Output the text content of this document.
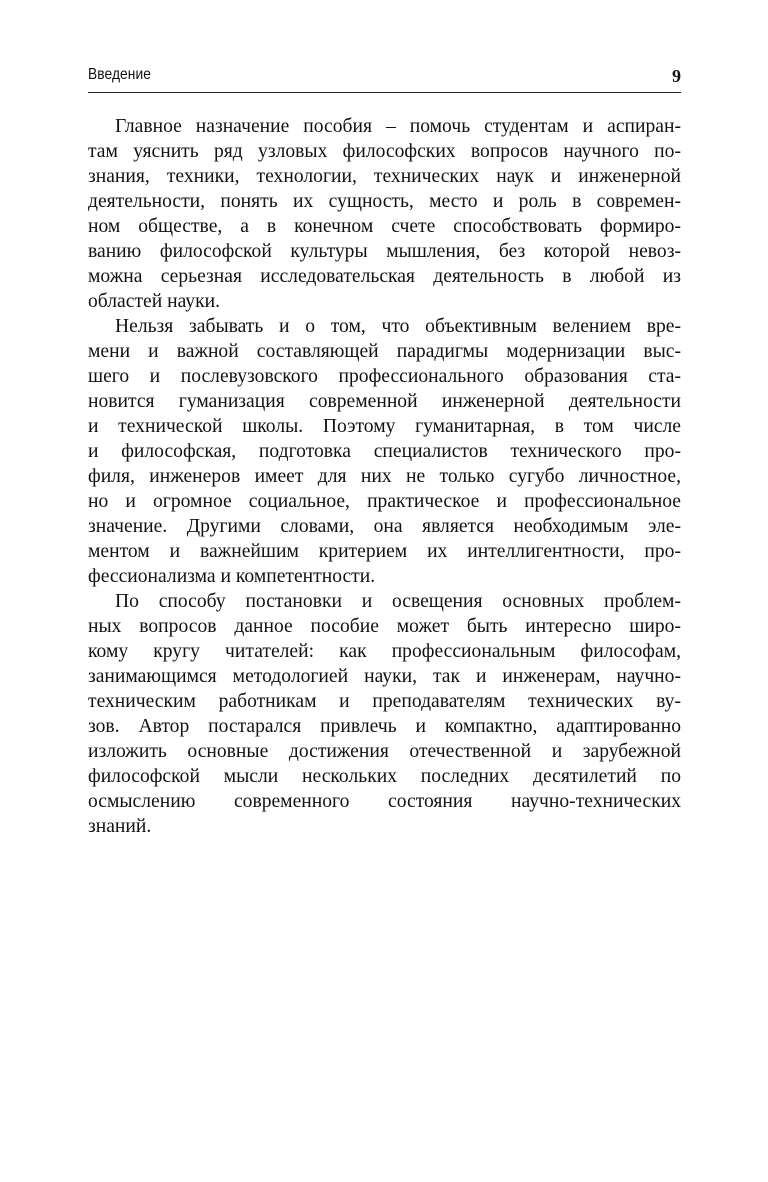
Введение	9
Главное назначение пособия – помочь студентам и аспиран-
там уяснить ряд узловых философских вопросов научного по-
знания, техники, технологии, технических наук и инженерной
деятельности, понять их сущность, место и роль в современ-
ном обществе, а в конечном счете способствовать формиро-
ванию философской культуры мышления, без которой невоз-
можна серьезная исследовательская деятельность в любой из
областей науки.
Нельзя забывать и о том, что объективным велением вре-
мени и важной составляющей парадигмы модернизации выс-
шего и послевузовского профессионального образования ста-
новится гуманизация современной инженерной деятельности
и технической школы. Поэтому гуманитарная, в том числе
и философская, подготовка специалистов технического про-
филя, инженеров имеет для них не только сугубо личностное,
но и огромное социальное, практическое и профессиональное
значение. Другими словами, она является необходимым эле-
ментом и важнейшим критерием их интеллигентности, про-
фессионализма и компетентности.
По способу постановки и освещения основных проблем-
ных вопросов данное пособие может быть интересно широ-
кому кругу читателей: как профессиональным философам,
занимающимся методологией науки, так и инженерам, научно-
техническим работникам и преподавателям технических ву-
зов. Автор постарался привлечь и компактно, адаптированно
изложить основные достижения отечественной и зарубежной
философской мысли нескольких последних десятилетий по
осмыслению современного состояния научно-технических
знаний.
